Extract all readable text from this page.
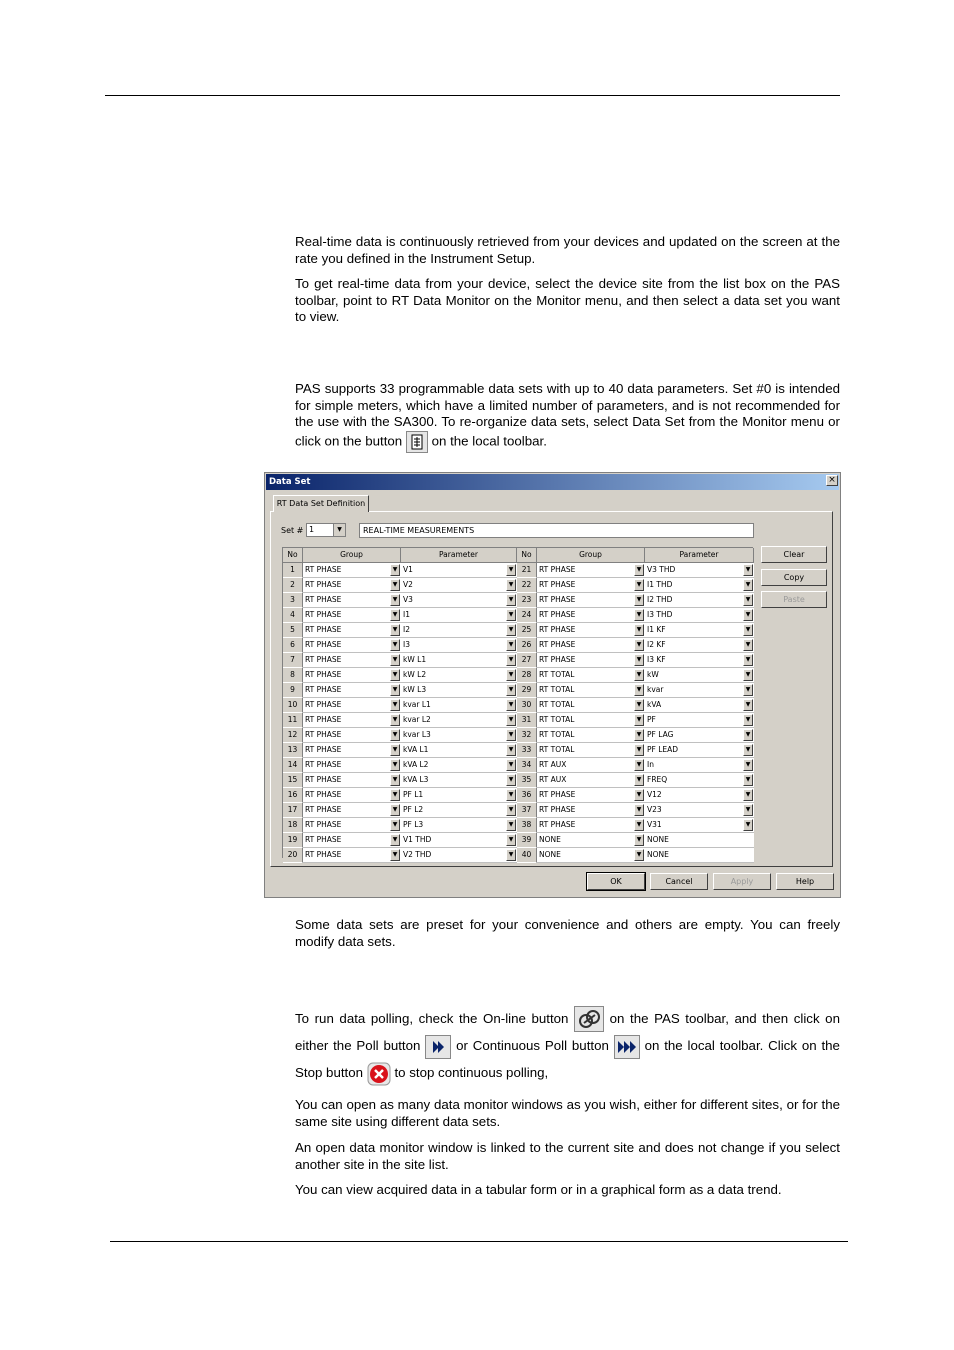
Real-time data is continuously retrieved from your devices and updated on the screen at the rate you defined in the Instrument Setup.

To get real-time data from your device, select the device site from the list box on the PAS toolbar, point to RT Data Monitor on the Monitor menu, and then select a data set you want to view.

PAS supports 33 programmable data sets with up to 40 data parameters. Set #0 is intended for simple meters, which have a limited number of parameters, and is not recommended for the use with the SA300. To re-organize data sets, select Data Set from the Monitor menu or click on the button on the local toolbar.

Data Set	×
RT Data Set Definition
Set # 1	▼	REAL-TIME MEASUREMENTS
No	Group	Parameter
1	RT PHASE	▼ V1	▼
2	RT PHASE	▼ V2	▼
3	RT PHASE	▼ V3	▼
4	RT PHASE	▼ I1	▼
5	RT PHASE	▼ I2	▼
6	RT PHASE	▼ I3	▼
7	RT PHASE	▼ kW L1	▼
8	RT PHASE	▼ kW L2	▼
9	RT PHASE	▼ kW L3	▼
10	RT PHASE	▼ kvar L1	▼
11	RT PHASE	▼ kvar L2	▼
12	RT PHASE	▼ kvar L3	▼
13	RT PHASE	▼ kVA L1	▼
14	RT PHASE	▼ kVA L2	▼
15	RT PHASE	▼ kVA L3	▼
16	RT PHASE	▼ PF L1	▼
17	RT PHASE	▼ PF L2	▼
18	RT PHASE	▼ PF L3	▼
19	RT PHASE	▼ V1 THD	▼
20	RT PHASE	▼ V2 THD	▼
No	Group	Parameter
21	RT PHASE	▼ V3 THD	▼
22	RT PHASE	▼ I1 THD	▼
23	RT PHASE	▼ I2 THD	▼
24	RT PHASE	▼ I3 THD	▼
25	RT PHASE	▼ I1 KF	▼
26	RT PHASE	▼ I2 KF	▼
27	RT PHASE	▼ I3 KF	▼
28	RT TOTAL	▼ kW	▼
29	RT TOTAL	▼ kvar	▼
30	RT TOTAL	▼ kVA	▼
31	RT TOTAL	▼ PF	▼
32	RT TOTAL	▼ PF LAG	▼
33	RT TOTAL	▼ PF LEAD	▼
34	RT AUX	▼ In	▼
35	RT AUX	▼ FREQ	▼
36	RT PHASE	▼ V12	▼
37	RT PHASE	▼ V23	▼
38	RT PHASE	▼ V31	▼
39	NONE	▼ NONE
40	NONE	▼ NONE
Clear
Copy
Paste
OK	Cancel	Apply	Help

Some data sets are preset for your convenience and others are empty. You can freely modify data sets.

To run data polling, check the On-line button	on the PAS toolbar, and then click on either the Poll button	or Continuous Poll button	on the local toolbar. Click on the Stop button to stop continuous polling,

You can open as many data monitor windows as you wish, either for different sites, or for the same site using different data sets.

An open data monitor window is linked to the current site and does not change if you select another site in the site list.

You can view acquired data in a tabular form or in a graphical form as a data trend.
